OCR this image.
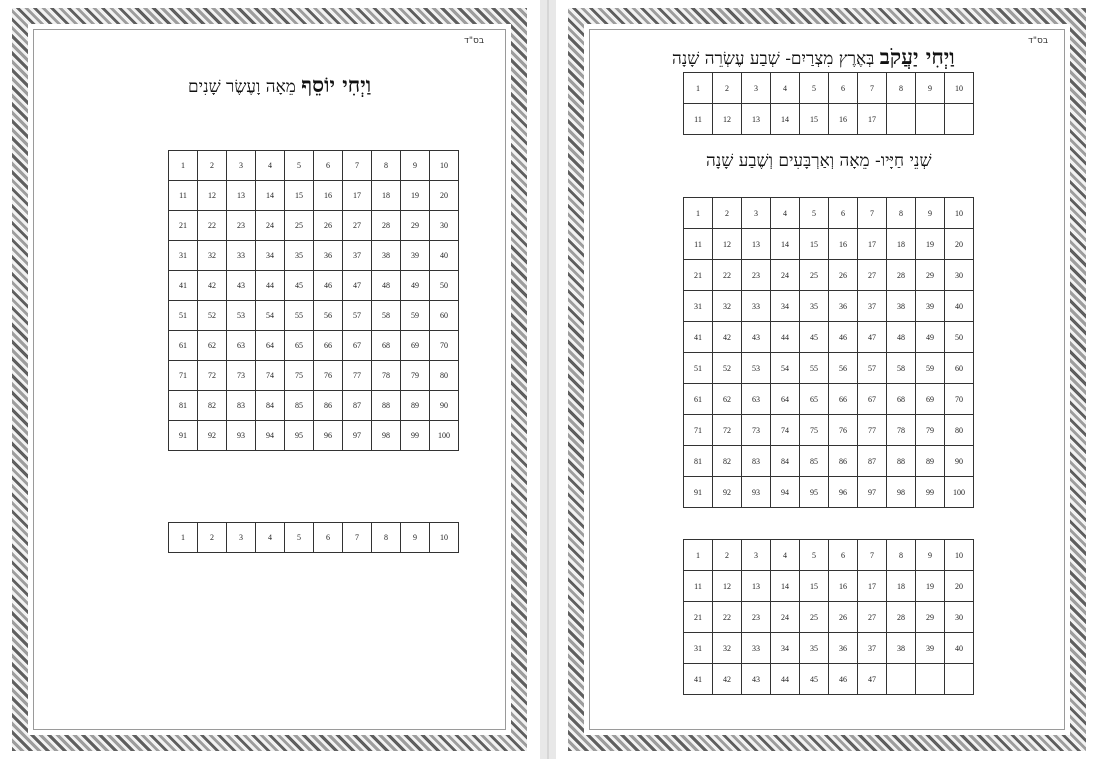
בס"ד
וַיְחִי יוֹסֵף מֵאָה וָעֶשֶׂר שָׁנִים
1	2	3	4	5	6	7	8	9	10
11	12	13	14	15	16	17	18	19	20
21	22	23	24	25	26	27	28	29	30
31	32	33	34	35	36	37	38	39	40
41	42	43	44	45	46	47	48	49	50
51	52	53	54	55	56	57	58	59	60
61	62	63	64	65	66	67	68	69	70
71	72	73	74	75	76	77	78	79	80
81	82	83	84	85	86	87	88	89	90
91	92	93	94	95	96	97	98	99	100
1	2	3	4	5	6	7	8	9	10
בס"ד
וַיְחִי יַעֲקֹב בְּאֶרֶץ מִצְרַיִם- שְׁבַע עֶשְׂרֵה שָׁנָה
1	2	3	4	5	6	7	8	9	10
11	12	13	14	15	16	17			
שְׁנֵי חַיָּיו- מֵאָה וְאַרְבָּעִים וְשֶׁבַע שָׁנָה
1	2	3	4	5	6	7	8	9	10
11	12	13	14	15	16	17	18	19	20
21	22	23	24	25	26	27	28	29	30
31	32	33	34	35	36	37	38	39	40
41	42	43	44	45	46	47	48	49	50
51	52	53	54	55	56	57	58	59	60
61	62	63	64	65	66	67	68	69	70
71	72	73	74	75	76	77	78	79	80
81	82	83	84	85	86	87	88	89	90
91	92	93	94	95	96	97	98	99	100
1	2	3	4	5	6	7	8	9	10
11	12	13	14	15	16	17	18	19	20
21	22	23	24	25	26	27	28	29	30
31	32	33	34	35	36	37	38	39	40
41	42	43	44	45	46	47			
